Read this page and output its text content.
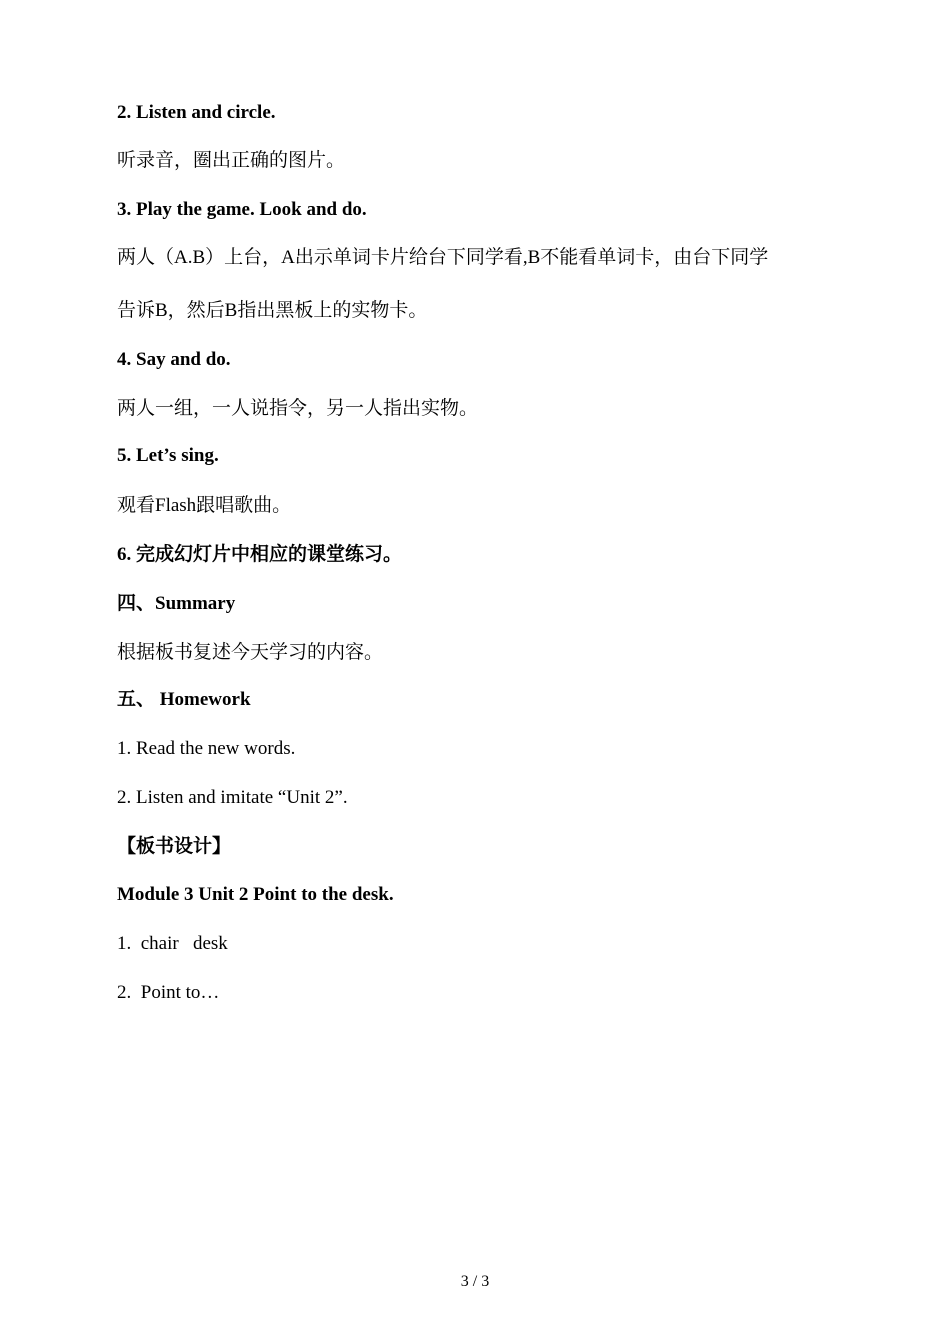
2. Listen and circle.
听录音，圈出正确的图片。
3. Play the game. Look and do.
两人（A.B）上台，A出示单词卡片给台下同学看,B不能看单词卡，由台下同学
告诉B，然后B指出黑板上的实物卡。
4. Say and do.
两人一组，一人说指令，另一人指出实物。
5. Let’s sing.
观看Flash跟唱歌曲。
6. 完成幻灯片中相应的课堂练习。
四、Summary
根据板书复述今天学习的内容。
五、 Homework
1. Read the new words.
2. Listen and imitate “Unit 2”.
【板书设计】
Module 3 Unit 2 Point to the desk.
1.  chair   desk
2.  Point to…
3 / 3
